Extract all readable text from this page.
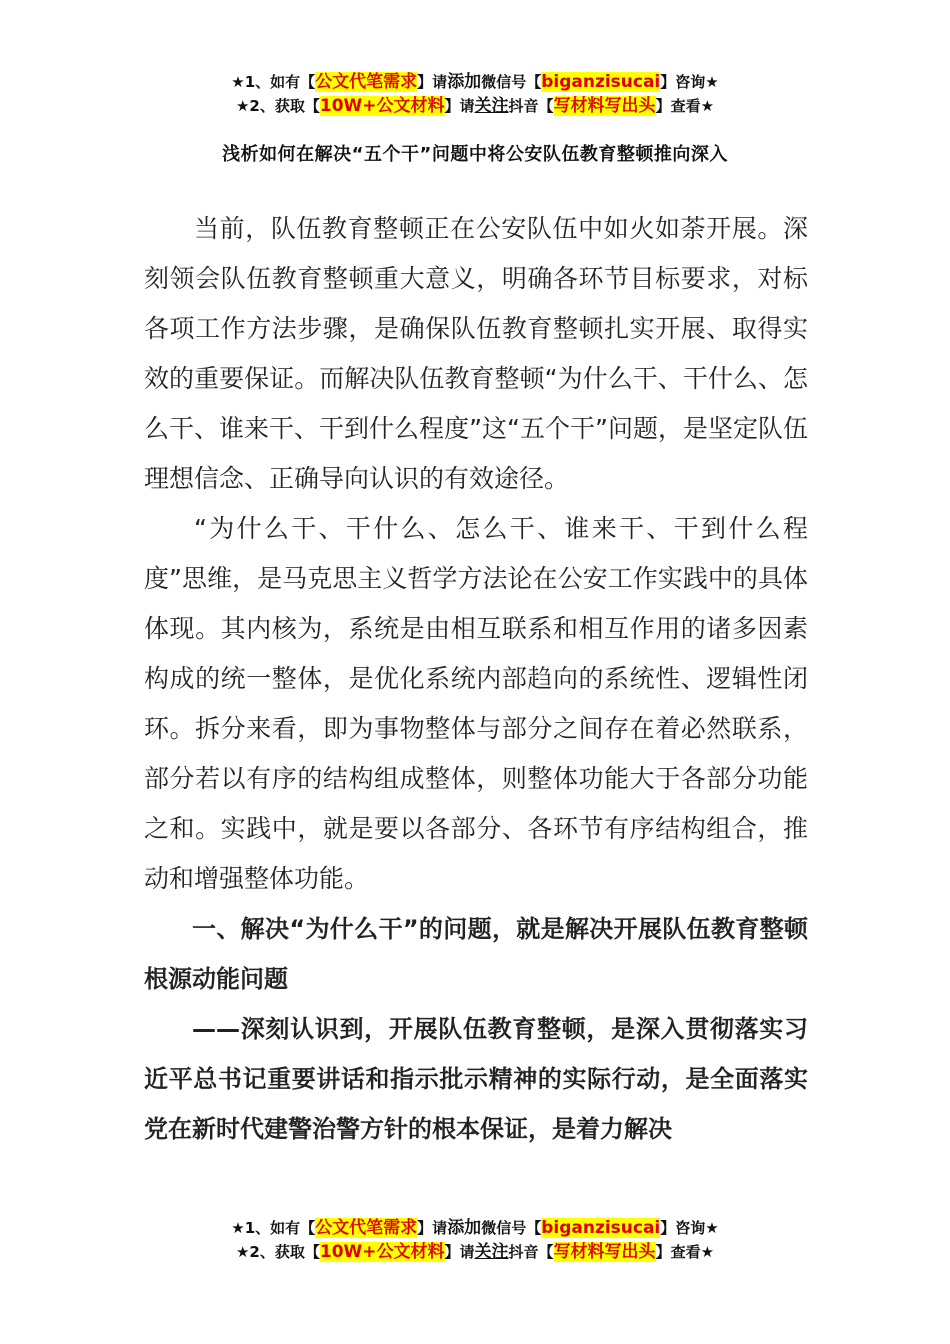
★1、如有【公文代笔需求】请添加微信号【biganzisucai】咨询★
★2、获取【10W+公文材料】请关注抖音【写材料写出头】查看★
浅析如何在解决“五个干”问题中将公安队伍教育整顿推向深入

当前，队伍教育整顿正在公安队伍中如火如荼开展。深刻领会队伍教育整顿重大意义，明确各环节目标要求，对标各项工作方法步骤，是确保队伍教育整顿扎实开展、取得实效的重要保证。而解决队伍教育整顿“为什么干、干什么、怎么干、谁来干、干到什么程度”这“五个干”问题，是坚定队伍理想信念、正确导向认识的有效途径。

“为什么干、干什么、怎么干、谁来干、干到什么程度”思维，是马克思主义哲学方法论在公安工作实践中的具体体现。其内核为，系统是由相互联系和相互作用的诸多因素构成的统一整体，是优化系统内部趋向的系统性、逻辑性闭环。拆分来看，即为事物整体与部分之间存在着必然联系，部分若以有序的结构组成整体，则整体功能大于各部分功能之和。实践中，就是要以各部分、各环节有序结构组合，推动和增强整体功能。

一、解决“为什么干”的问题，就是解决开展队伍教育整顿根源动能问题

——深刻认识到，开展队伍教育整顿，是深入贯彻落实习近平总书记重要讲话和指示批示精神的实际行动，是全面落实党在新时代建警治警方针的根本保证，是着力解决

★1、如有【公文代笔需求】请添加微信号【biganzisucai】咨询★
★2、获取【10W+公文材料】请关注抖音【写材料写出头】查看★
